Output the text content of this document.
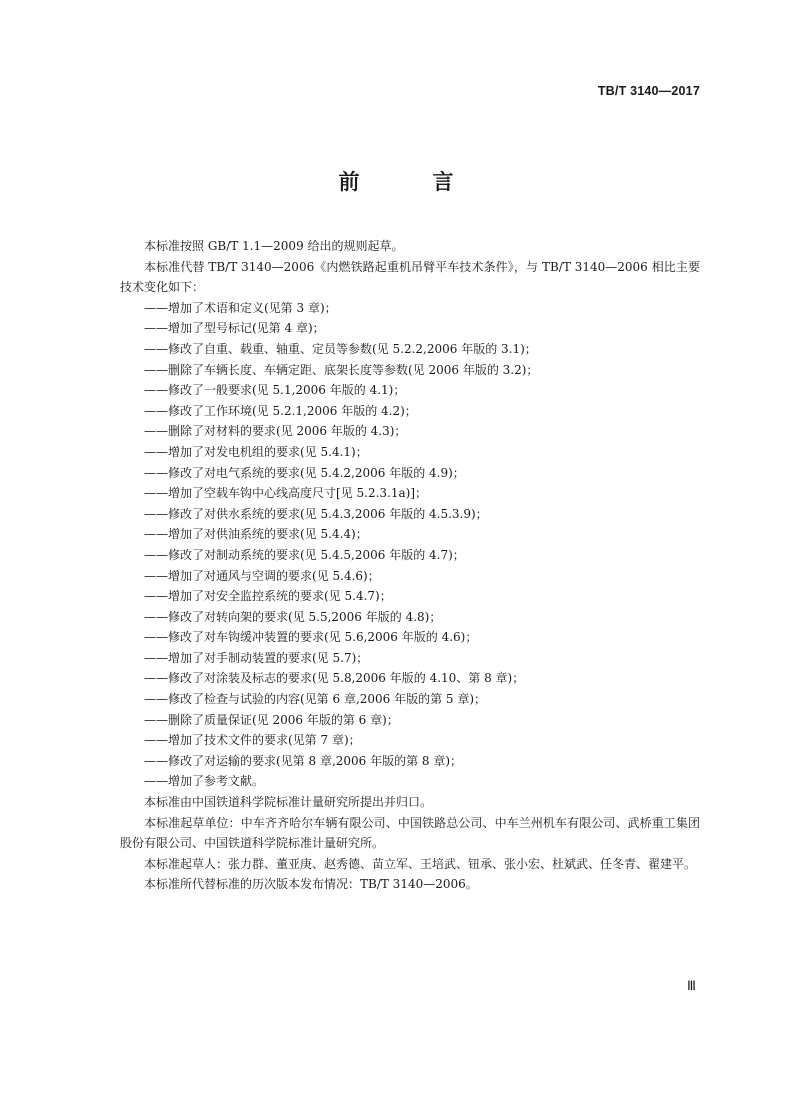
TB/T 3140—2017
前　言

本标准按照 GB/T 1.1—2009 给出的规则起草。

本标准代替 TB/T 3140—2006《内燃铁路起重机吊臂平车技术条件》，与 TB/T 3140—2006 相比主要技术变化如下：

——增加了术语和定义(见第 3 章)；

——增加了型号标记(见第 4 章)；

——修改了自重、载重、轴重、定员等参数(见 5.2.2,2006 年版的 3.1)；

——删除了车辆长度、车辆定距、底架长度等参数(见 2006 年版的 3.2)；

——修改了一般要求(见 5.1,2006 年版的 4.1)；

——修改了工作环境(见 5.2.1,2006 年版的 4.2)；

——删除了对材料的要求(见 2006 年版的 4.3)；

——增加了对发电机组的要求(见 5.4.1)；

——修改了对电气系统的要求(见 5.4.2,2006 年版的 4.9)；

——增加了空载车钩中心线高度尺寸[见 5.2.3.1a)]；

——修改了对供水系统的要求(见 5.4.3,2006 年版的 4.5.3.9)；

——增加了对供油系统的要求(见 5.4.4)；

——修改了对制动系统的要求(见 5.4.5,2006 年版的 4.7)；

——增加了对通风与空调的要求(见 5.4.6)；

——增加了对安全监控系统的要求(见 5.4.7)；

——修改了对转向架的要求(见 5.5,2006 年版的 4.8)；

——修改了对车钩缓冲装置的要求(见 5.6,2006 年版的 4.6)；

——增加了对手制动装置的要求(见 5.7)；

——修改了对涂装及标志的要求(见 5.8,2006 年版的 4.10、第 8 章)；

——修改了检查与试验的内容(见第 6 章,2006 年版的第 5 章)；

——删除了质量保证(见 2006 年版的第 6 章)；

——增加了技术文件的要求(见第 7 章)；

——修改了对运输的要求(见第 8 章,2006 年版的第 8 章)；

——增加了参考文献。

本标准由中国铁道科学院标准计量研究所提出并归口。

本标准起草单位：中车齐齐哈尔车辆有限公司、中国铁路总公司、中车兰州机车有限公司、武桥重工集团股份有限公司、中国铁道科学院标准计量研究所。

本标准起草人：张力群、董亚庚、赵秀德、苗立军、王培武、钮承、张小宏、杜斌武、任冬青、翟建平。

本标准所代替标准的历次版本发布情况：TB/T 3140—2006。

Ⅲ
